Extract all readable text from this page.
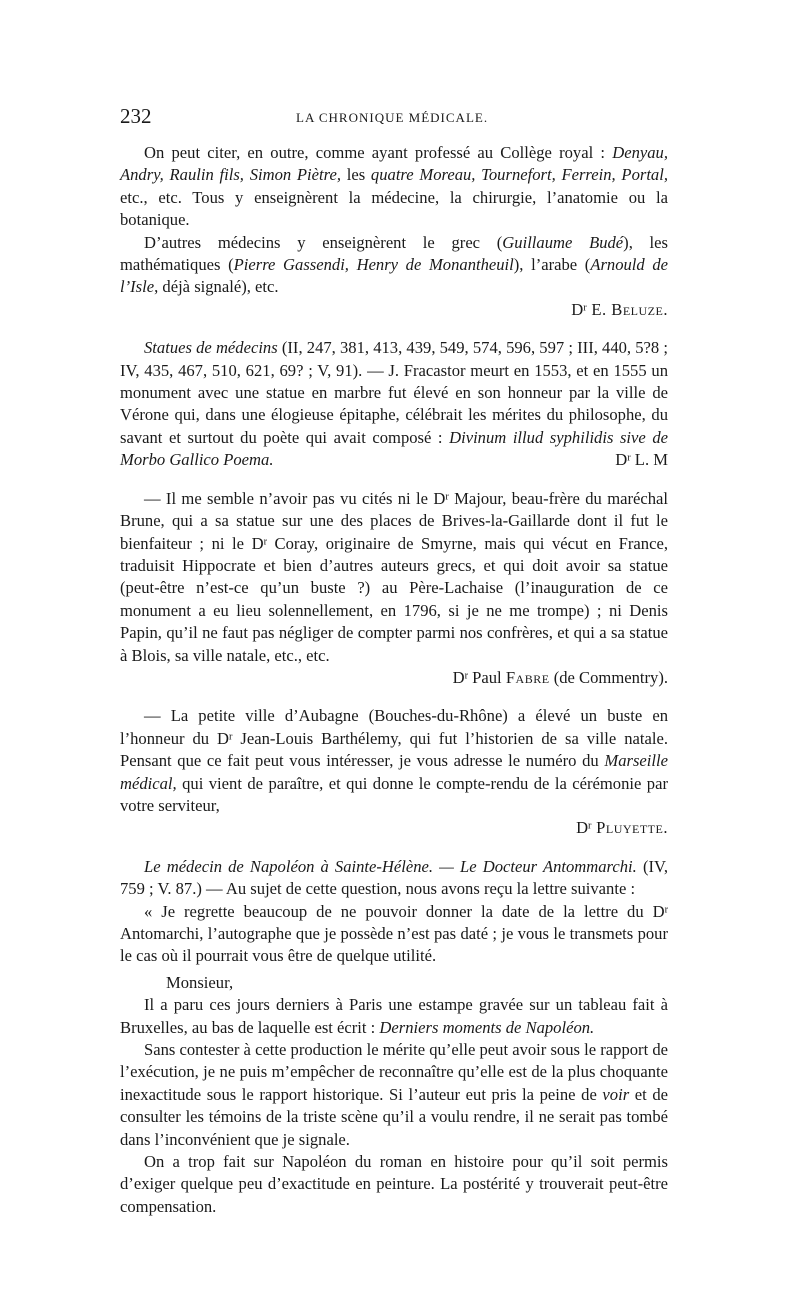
232	LA CHRONIQUE MÉDICALE.

On peut citer, en outre, comme ayant professé au Collège royal : Denyau, Andry, Raulin fils, Simon Piètre, les quatre Moreau, Tournefort, Ferrein, Portal, etc., etc. Tous y enseignèrent la médecine, la chirurgie, l’anatomie ou la botanique.

D’autres médecins y enseignèrent le grec (Guillaume Budé), les mathématiques (Pierre Gassendi, Henry de Monantheuil), l’arabe (Arnould de l’Isle, déjà signalé), etc.

$D^r$ E. Beluze.

Statues de médecins (II, 247, 381, 413, 439, 549, 574, 596, 597 ; III, 440, 5?8 ; IV, 435, 467, 510, 621, 69? ; V, 91). — J. Fracastor meurt en 1553, et en 1555 un monument avec une statue en marbre fut élevé en son honneur par la ville de Vérone qui, dans une élogieuse épitaphe, célébrait les mérites du philosophe, du savant et surtout du poète qui avait composé : Divinum illud syphilidis sive de Morbo Gallico Poema.	$D^r$ L. M

— Il me semble n’avoir pas vu cités ni le $D^r$ Majour, beau-frère du maréchal Brune, qui a sa statue sur une des places de Brives-la-Gaillarde dont il fut le bienfaiteur ; ni le $D^r$ Coray, originaire de Smyrne, mais qui vécut en France, traduisit Hippocrate et bien d’autres auteurs grecs, et qui doit avoir sa statue (peut-être n’est-ce qu’un buste ?) au Père-Lachaise (l’inauguration de ce monument a eu lieu solennellement, en 1796, si je ne me trompe) ; ni Denis Papin, qu’il ne faut pas négliger de compter parmi nos confrères, et qui a sa statue à Blois, sa ville natale, etc., etc.

$D^r$ Paul Fabre (de Commentry).

— La petite ville d’Aubagne (Bouches-du-Rhône) a élevé un buste en l’honneur du $D^r$ Jean-Louis Barthélemy, qui fut l’historien de sa ville natale. Pensant que ce fait peut vous intéresser, je vous adresse le numéro du Marseille médical, qui vient de paraître, et qui donne le compte-rendu de la cérémonie par votre serviteur,

$D^r$ Pluyette.

Le médecin de Napoléon à Sainte-Hélène. — Le Docteur Antommarchi. (IV, 759 ; V. 87.) — Au sujet de cette question, nous avons reçu la lettre suivante :

« Je regrette beaucoup de ne pouvoir donner la date de la lettre du $D^r$ Antomarchi, l’autographe que je possède n’est pas daté ; je vous le transmets pour le cas où il pourrait vous être de quelque utilité.

Monsieur,

Il a paru ces jours derniers à Paris une estampe gravée sur un tableau fait à Bruxelles, au bas de laquelle est écrit : Derniers moments de Napoléon.

Sans contester à cette production le mérite qu’elle peut avoir sous le rapport de l’exécution, je ne puis m’empêcher de reconnaître qu’elle est de la plus choquante inexactitude sous le rapport historique. Si l’auteur eut pris la peine de voir et de consulter les témoins de la triste scène qu’il a voulu rendre, il ne serait pas tombé dans l’inconvénient que je signale.

On a trop fait sur Napoléon du roman en histoire pour qu’il soit permis d’exiger quelque peu d’exactitude en peinture. La postérité y trouverait peut-être compensation.
